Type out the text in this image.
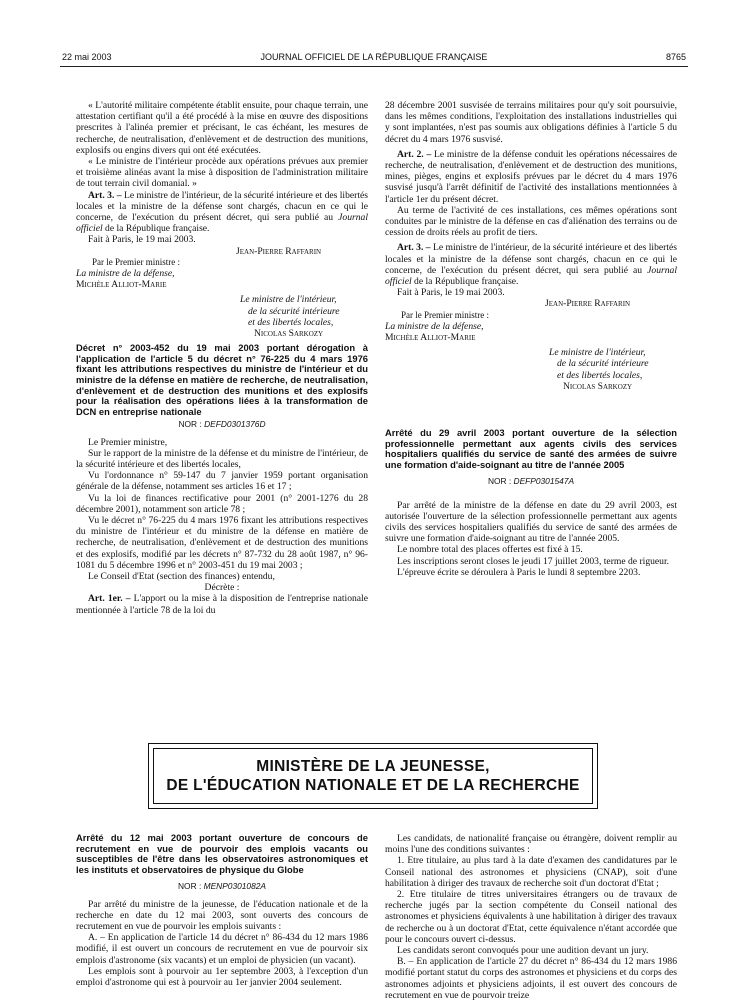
22 mai 2003	JOURNAL OFFICIEL DE LA RÉPUBLIQUE FRANÇAISE	8765

« L'autorité militaire compétente établit ensuite, pour chaque terrain, une attestation certifiant qu'il a été procédé à la mise en œuvre des dispositions prescrites à l'alinéa premier et précisant, le cas échéant, les mesures de recherche, de neutralisation, d'enlèvement et de destruction des munitions, explosifs ou engins divers qui ont été exécutées.

« Le ministre de l'intérieur procède aux opérations prévues aux premier et troisième alinéas avant la mise à disposition de l'administration militaire de tout terrain civil domanial. »

Art. 3. – Le ministre de l'intérieur, de la sécurité intérieure et des libertés locales et la ministre de la défense sont chargés, chacun en ce qui le concerne, de l'exécution du présent décret, qui sera publié au Journal officiel de la République française.

Fait à Paris, le 19 mai 2003.

Jean-Pierre Raffarin

Par le Premier ministre :

La ministre de la défense,

Michèle Alliot-Marie

Le ministre de l'intérieur,

de la sécurité intérieure

et des libertés locales,

Nicolas Sarkozy

Décret n° 2003-452 du 19 mai 2003 portant dérogation à l'application de l'article 5 du décret n° 76-225 du 4 mars 1976 fixant les attributions respectives du ministre de l'intérieur et du ministre de la défense en matière de recherche, de neutralisation, d'enlèvement et de destruction des munitions et des explosifs pour la réalisation des opérations liées à la transformation de DCN en entreprise nationale

NOR : DEFD0301376D

Le Premier ministre,

Sur le rapport de la ministre de la défense et du ministre de l'intérieur, de la sécurité intérieure et des libertés locales,

Vu l'ordonnance n° 59-147 du 7 janvier 1959 portant organisation générale de la défense, notamment ses articles 16 et 17 ;

Vu la loi de finances rectificative pour 2001 (n° 2001-1276 du 28 décembre 2001), notamment son article 78 ;

Vu le décret n° 76-225 du 4 mars 1976 fixant les attributions respectives du ministre de l'intérieur et du ministre de la défense en matière de recherche, de neutralisation, d'enlèvement et de destruction des munitions et des explosifs, modifié par les décrets n° 87-732 du 28 août 1987, n° 96-1081 du 5 décembre 1996 et n° 2003-451 du 19 mai 2003 ;

Le Conseil d'Etat (section des finances) entendu,

Décrète :

Art. 1er. – L'apport ou la mise à la disposition de l'entreprise nationale mentionnée à l'article 78 de la loi du

28 décembre 2001 susvisée de terrains militaires pour qu'y soit poursuivie, dans les mêmes conditions, l'exploitation des installations industrielles qui y sont implantées, n'est pas soumis aux obligations définies à l'article 5 du décret du 4 mars 1976 susvisé.

Art. 2. – Le ministre de la défense conduit les opérations nécessaires de recherche, de neutralisation, d'enlèvement et de destruction des munitions, mines, pièges, engins et explosifs prévues par le décret du 4 mars 1976 susvisé jusqu'à l'arrêt définitif de l'activité des installations mentionnées à l'article 1er du présent décret.

Au terme de l'activité de ces installations, ces mêmes opérations sont conduites par le ministre de la défense en cas d'aliénation des terrains ou de cession de droits réels au profit de tiers.

Art. 3. – Le ministre de l'intérieur, de la sécurité intérieure et des libertés locales et la ministre de la défense sont chargés, chacun en ce qui le concerne, de l'exécution du présent décret, qui sera publié au Journal officiel de la République française.

Fait à Paris, le 19 mai 2003.

Jean-Pierre Raffarin

Par le Premier ministre :

La ministre de la défense,

Michèle Alliot-Marie

Le ministre de l'intérieur,

de la sécurité intérieure

et des libertés locales,

Nicolas Sarkozy

Arrêté du 29 avril 2003 portant ouverture de la sélection professionnelle permettant aux agents civils des services hospitaliers qualifiés du service de santé des armées de suivre une formation d'aide-soignant au titre de l'année 2005

NOR : DEFP0301547A

Par arrêté de la ministre de la défense en date du 29 avril 2003, est autorisée l'ouverture de la sélection professionnelle permettant aux agents civils des services hospitaliers qualifiés du service de santé des armées de suivre une formation d'aide-soignant au titre de l'année 2005.

Le nombre total des places offertes est fixé à 15.

Les inscriptions seront closes le jeudi 17 juillet 2003, terme de rigueur.

L'épreuve écrite se déroulera à Paris le lundi 8 septembre 2203.

MINISTÈRE DE LA JEUNESSE,
DE L'ÉDUCATION NATIONALE ET DE LA RECHERCHE

Arrêté du 12 mai 2003 portant ouverture de concours de recrutement en vue de pourvoir des emplois vacants ou susceptibles de l'être dans les observatoires astronomiques et les instituts et observatoires de physique du Globe

NOR : MENP0301082A

Par arrêté du ministre de la jeunesse, de l'éducation nationale et de la recherche en date du 12 mai 2003, sont ouverts des concours de recrutement en vue de pourvoir les emplois suivants :

A. – En application de l'article 14 du décret n° 86-434 du 12 mars 1986 modifié, il est ouvert un concours de recrutement en vue de pourvoir six emplois d'astronome (six vacants) et un emploi de physicien (un vacant).

Les emplois sont à pourvoir au 1er septembre 2003, à l'exception d'un emploi d'astronome qui est à pourvoir au 1er janvier 2004 seulement.

Les candidats, de nationalité française ou étrangère, doivent remplir au moins l'une des conditions suivantes :

1. Etre titulaire, au plus tard à la date d'examen des candidatures par le Conseil national des astronomes et physiciens (CNAP), soit d'une habilitation à diriger des travaux de recherche soit d'un doctorat d'Etat ;

2. Etre titulaire de titres universitaires étrangers ou de travaux de recherche jugés par la section compétente du Conseil national des astronomes et physiciens équivalents à une habilitation à diriger des travaux de recherche ou à un doctorat d'Etat, cette équivalence n'étant accordée que pour le concours ouvert ci-dessus.

Les candidats seront convoqués pour une audition devant un jury.

B. – En application de l'article 27 du décret n° 86-434 du 12 mars 1986 modifié portant statut du corps des astronomes et physiciens et du corps des astronomes adjoints et physiciens adjoints, il est ouvert des concours de recrutement en vue de pourvoir treize
